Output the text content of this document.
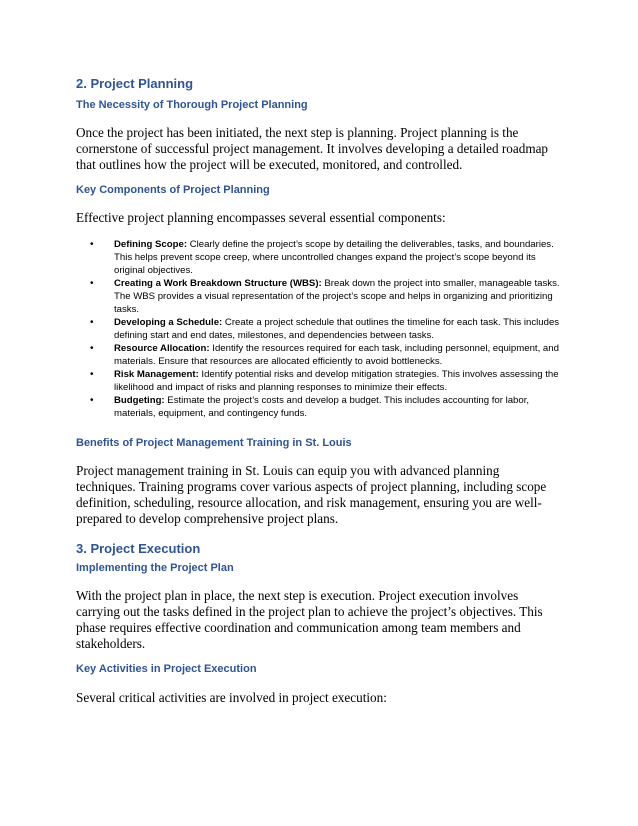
2. Project Planning
The Necessity of Thorough Project Planning

Once the project has been initiated, the next step is planning. Project planning is the cornerstone of successful project management. It involves developing a detailed roadmap that outlines how the project will be executed, monitored, and controlled.

Key Components of Project Planning

Effective project planning encompasses several essential components:

• Defining Scope: Clearly define the project’s scope by detailing the deliverables, tasks, and boundaries. This helps prevent scope creep, where uncontrolled changes expand the project’s scope beyond its original objectives.
• Creating a Work Breakdown Structure (WBS): Break down the project into smaller, manageable tasks. The WBS provides a visual representation of the project’s scope and helps in organizing and prioritizing tasks.
• Developing a Schedule: Create a project schedule that outlines the timeline for each task. This includes defining start and end dates, milestones, and dependencies between tasks.
• Resource Allocation: Identify the resources required for each task, including personnel, equipment, and materials. Ensure that resources are allocated efficiently to avoid bottlenecks.
• Risk Management: Identify potential risks and develop mitigation strategies. This involves assessing the likelihood and impact of risks and planning responses to minimize their effects.
• Budgeting: Estimate the project’s costs and develop a budget. This includes accounting for labor, materials, equipment, and contingency funds.
Benefits of Project Management Training in St. Louis

Project management training in St. Louis can equip you with advanced planning techniques. Training programs cover various aspects of project planning, including scope definition, scheduling, resource allocation, and risk management, ensuring you are well-prepared to develop comprehensive project plans.

3. Project Execution
Implementing the Project Plan

With the project plan in place, the next step is execution. Project execution involves carrying out the tasks defined in the project plan to achieve the project’s objectives. This phase requires effective coordination and communication among team members and stakeholders.

Key Activities in Project Execution

Several critical activities are involved in project execution:
